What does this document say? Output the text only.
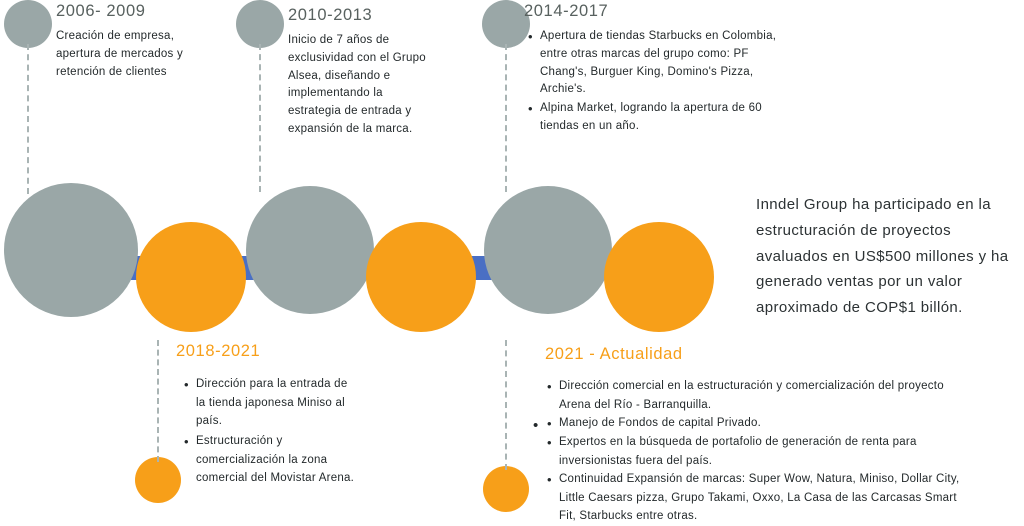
2006- 2009
Creación de empresa,
apertura de mercados y
retención de clientes
2010-2013
Inicio de 7 años de
exclusividad con el Grupo
Alsea, diseñando e
implementando la
estrategia de entrada y
expansión de la marca.
2014-2017
• Apertura de tiendas Starbucks en Colombia, entre otras marcas del grupo como: PF Chang's, Burguer King, Domino's Pizza, Archie's.
• Alpina Market, logrando la apertura de 60 tiendas en un año.
2018-2021
• Dirección para la entrada de la tienda japonesa Miniso al país.
• Estructuración y comercialización la zona comercial del Movistar Arena.
2021 - Actualidad
• Dirección comercial en la estructuración y comercialización del proyecto Arena del Río - Barranquilla.
• Manejo de Fondos de capital Privado.
• Expertos en la búsqueda de portafolio de generación de renta para inversionistas fuera del país.
• Continuidad Expansión de marcas: Super Wow, Natura, Miniso, Dollar City, Little Caesars pizza, Grupo Takami, Oxxo, La Casa de las Carcasas Smart Fit, Starbucks entre otras.
•
Inndel Group ha participado en la estructuración de proyectos avaluados en US$500 millones y ha generado ventas por un valor aproximado de COP$1 billón.
